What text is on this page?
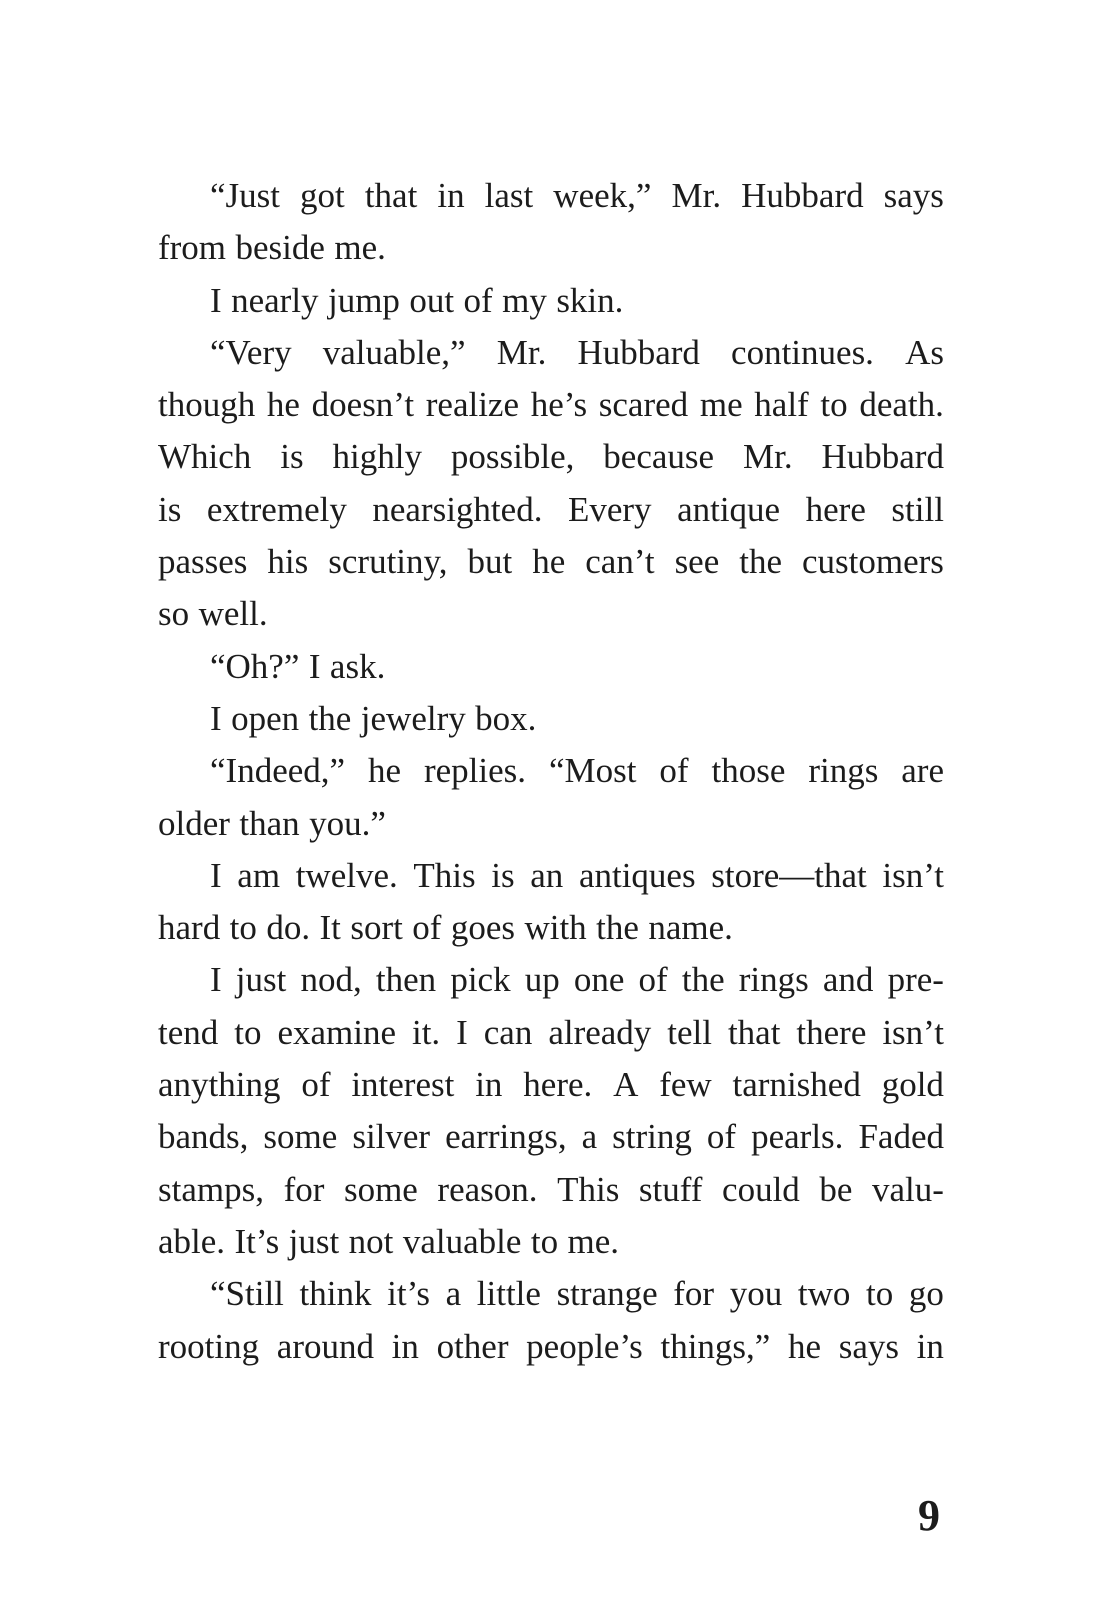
“Just got that in last week,” Mr. Hubbard says
from beside me.
I nearly jump out of my skin.
“Very valuable,” Mr. Hubbard continues. As
though he doesn’t realize he’s scared me half to death.
Which is highly possible, because Mr. Hubbard
is extremely nearsighted. Every antique here still
passes his scrutiny, but he can’t see the customers
so well.
“Oh?” I ask.
I open the jewelry box.
“Indeed,” he replies. “Most of those rings are
older than you.”
I am twelve. This is an antiques store—that isn’t
hard to do. It sort of goes with the name.
I just nod, then pick up one of the rings and pre-
tend to examine it. I can already tell that there isn’t
anything of interest in here. A few tarnished gold
bands, some silver earrings, a string of pearls. Faded
stamps, for some reason. This stuff could be valu-
able. It’s just not valuable to me.
“Still think it’s a little strange for you two to go
rooting around in other people’s things,” he says in
9
